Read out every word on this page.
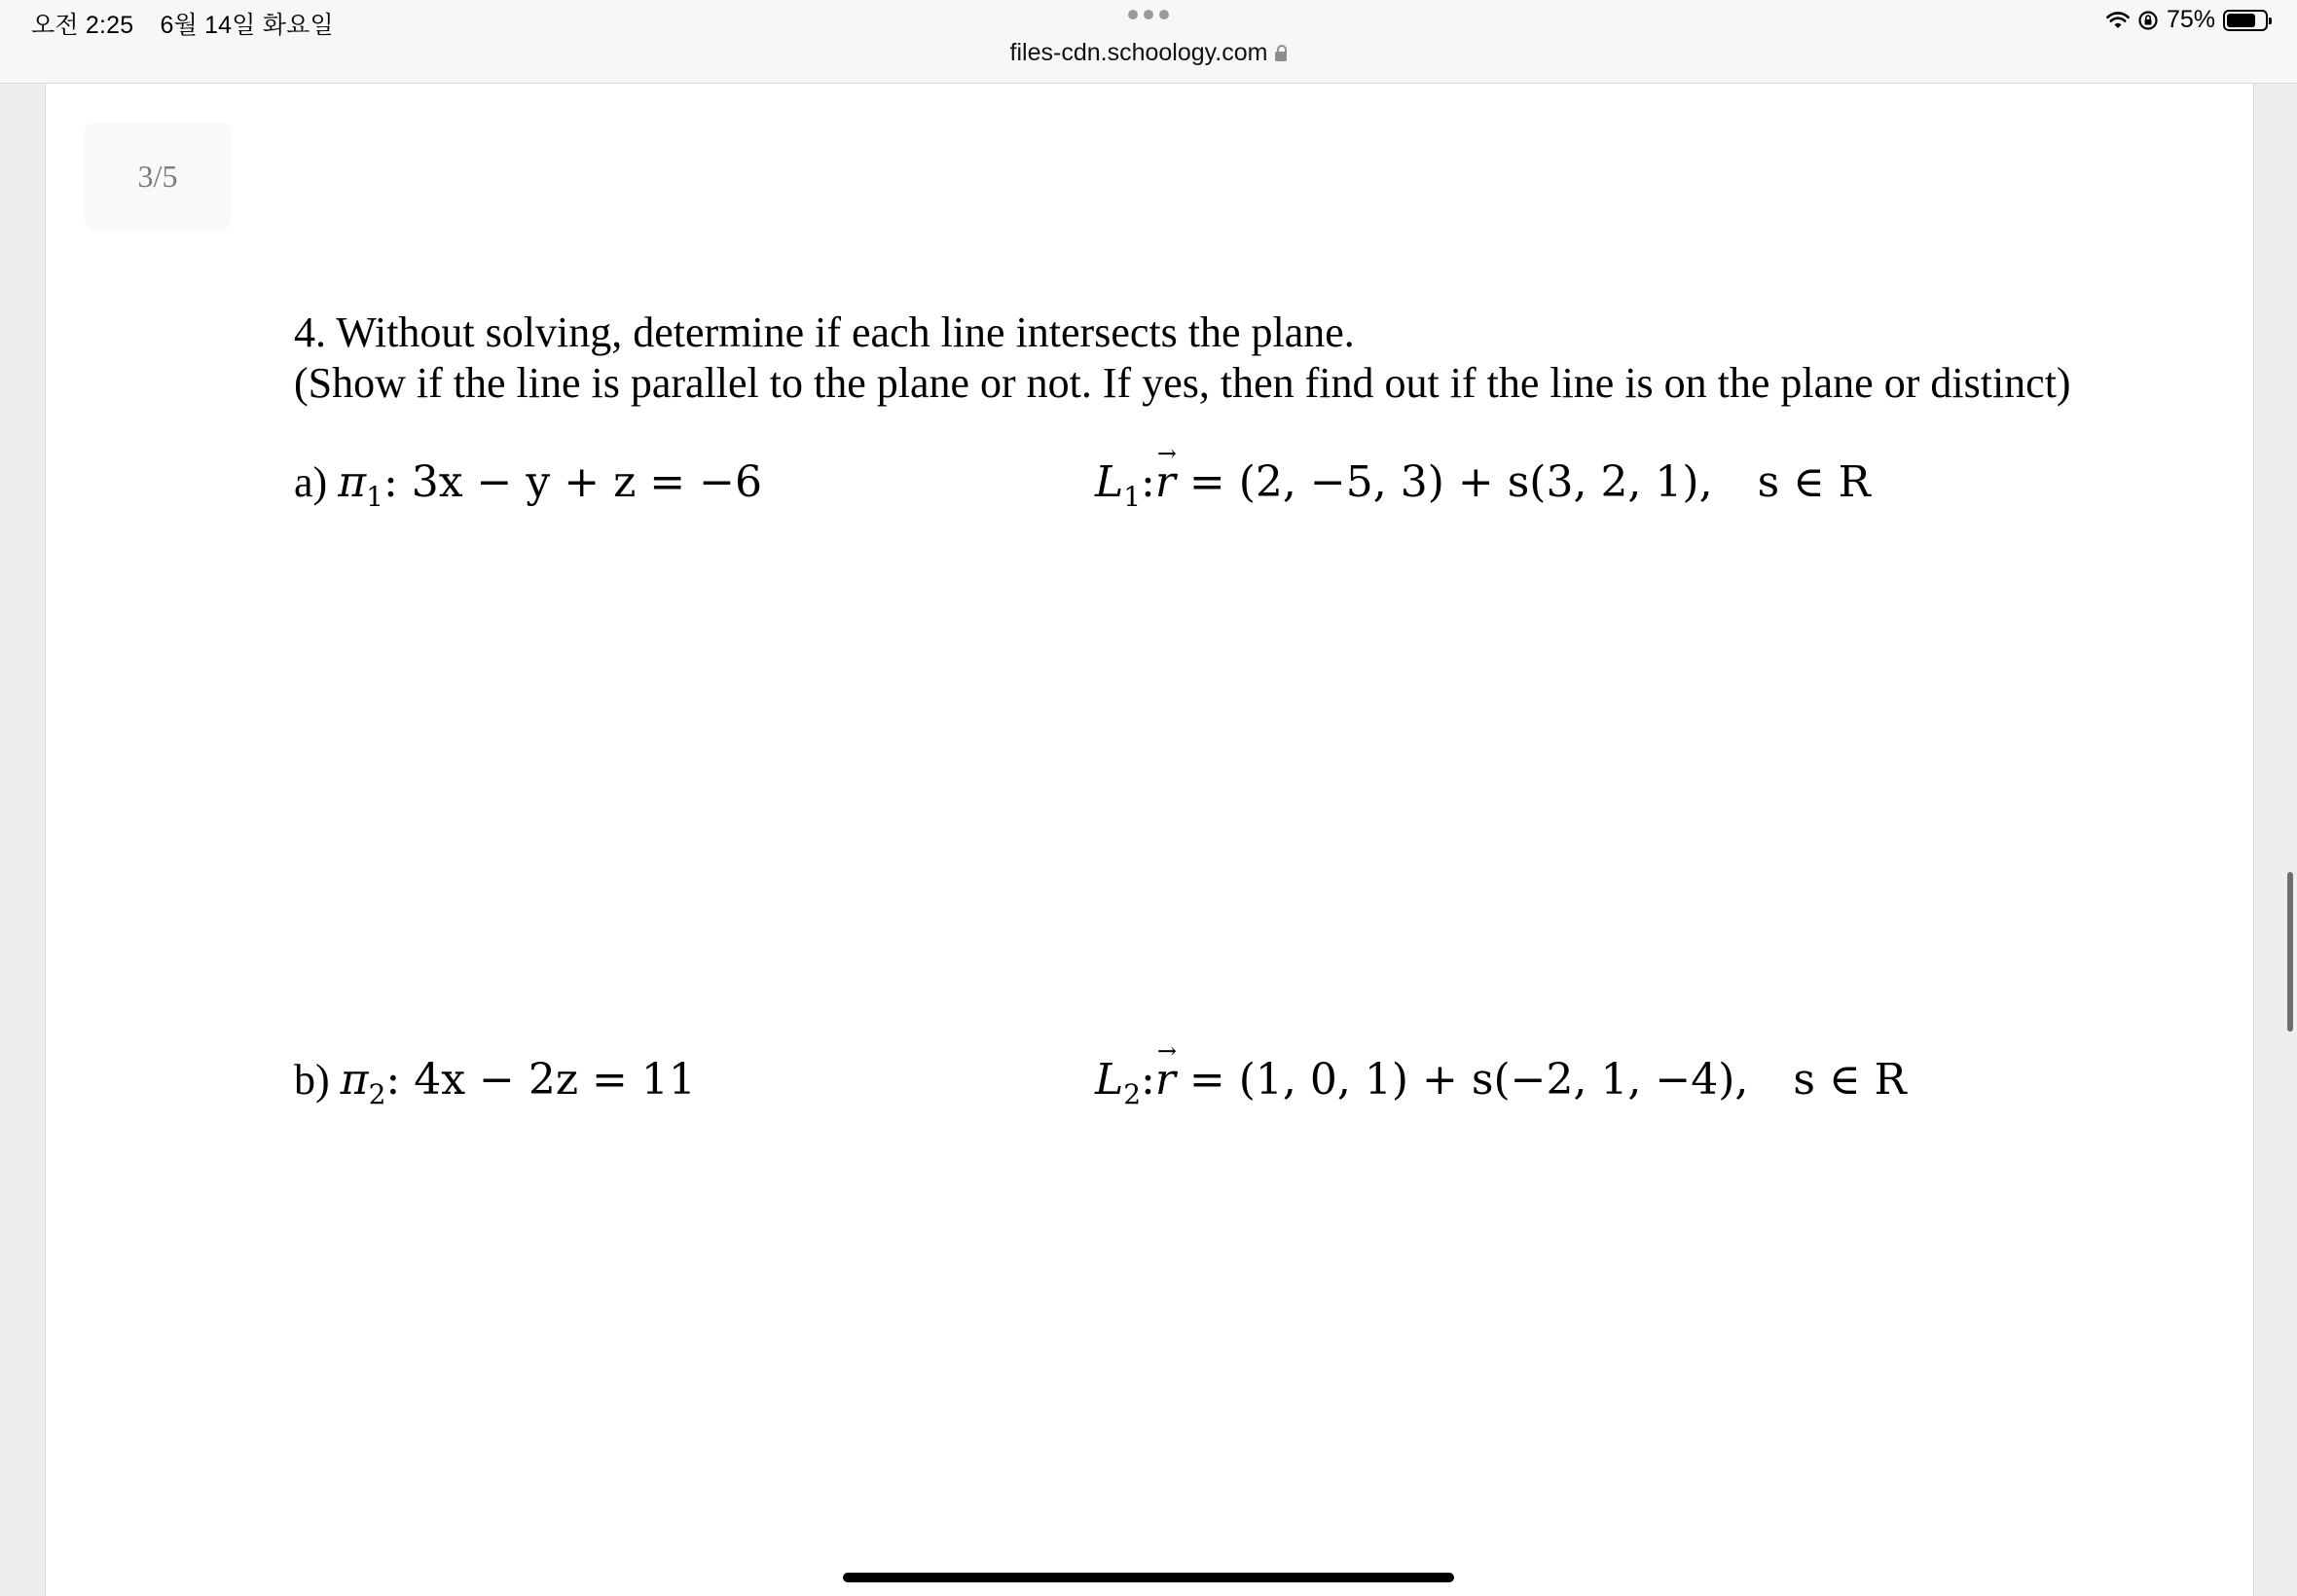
오전 2:25 6월 14일 화요일
files-cdn.schoology.com
75%
3/5
4. Without solving, determine if each line intersects the plane.
(Show if the line is parallel to the plane or not. If yes, then find out if the line is on the plane or distinct)
a) $\pi_1$: 3x − y + z = −6	$L_1:\to r = (2$, −5, 3) + s(3, 2, 1), s ∈ R
b) $\pi_2$: 4x − 2z = 11	$L_2:\to r = (1$, 0, 1) + s(−2, 1, −4), s ∈ R
